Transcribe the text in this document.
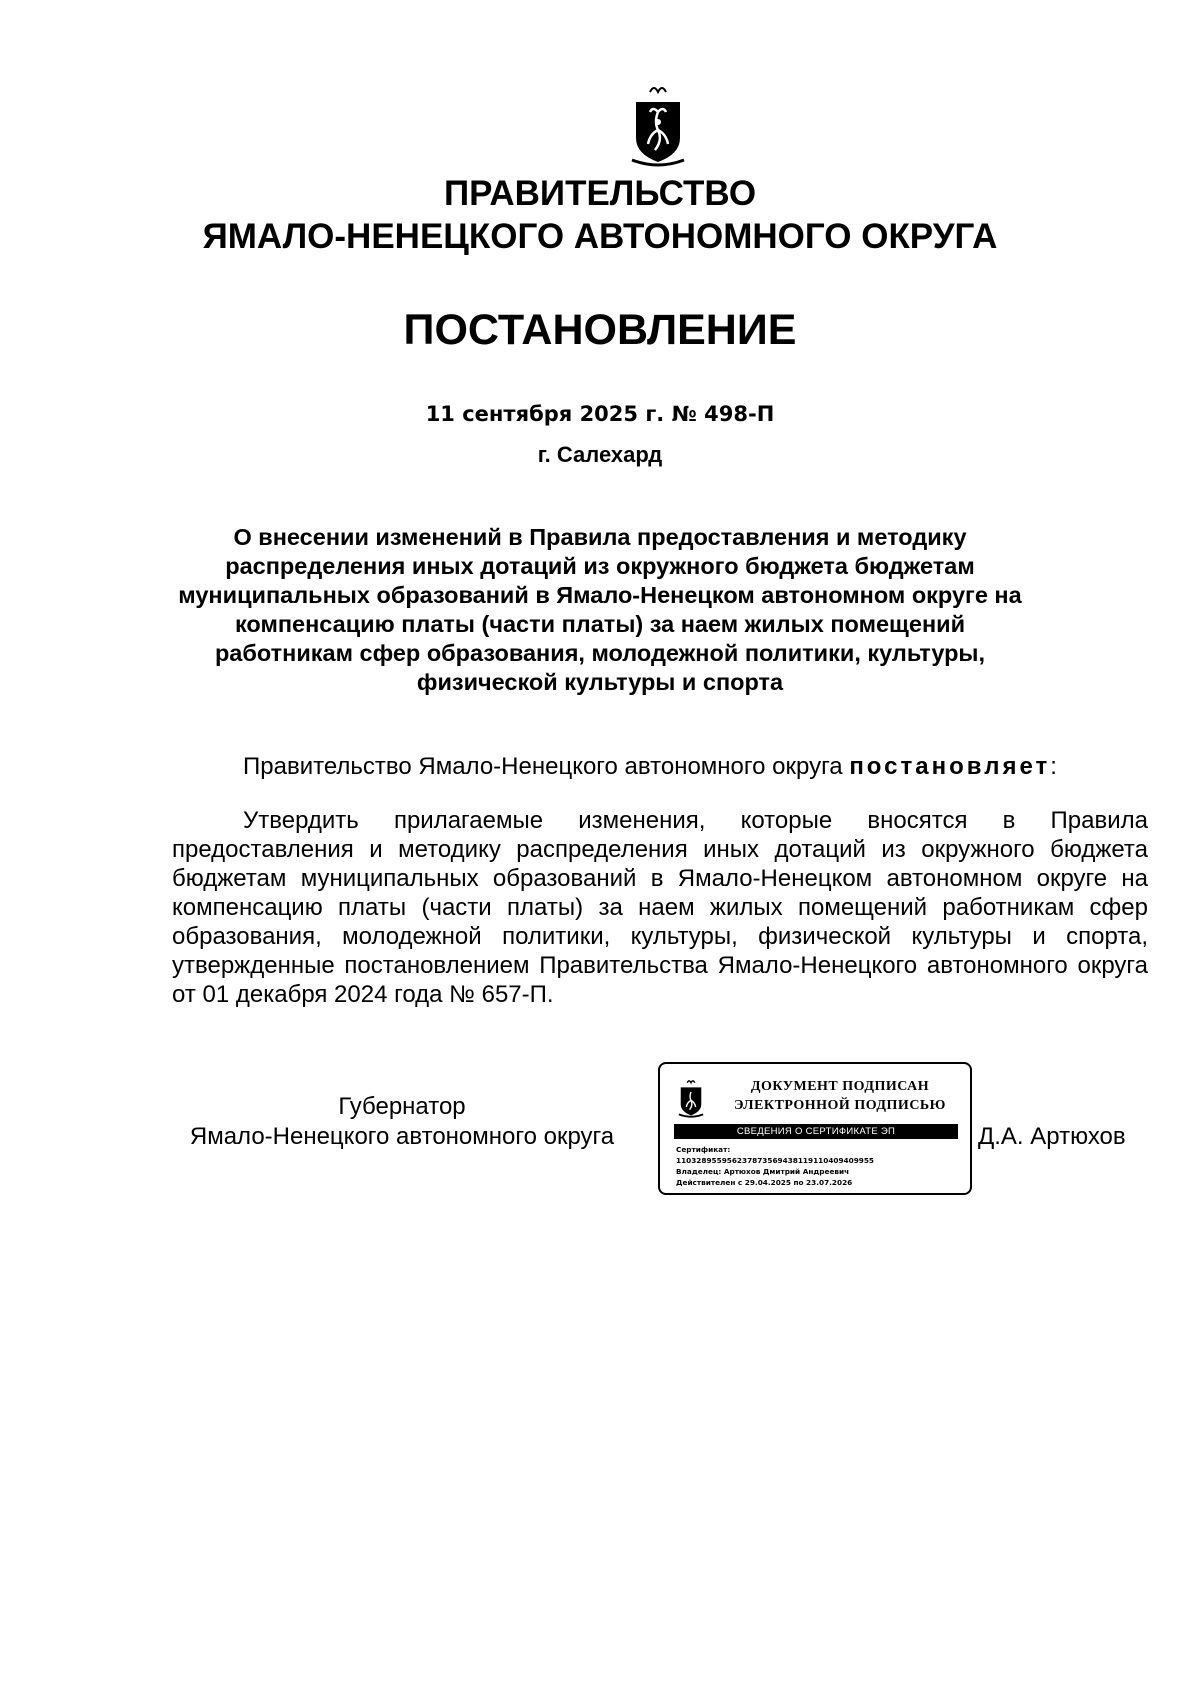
ПРАВИТЕЛЬСТВО
ЯМАЛО-НЕНЕЦКОГО АВТОНОМНОГО ОКРУГА
ПОСТАНОВЛЕНИЕ
11 сентября 2025 г. № 498-П
г. Салехард
О внесении изменений в Правила предоставления и методику
распределения иных дотаций из окружного бюджета бюджетам
муниципальных образований в Ямало-Ненецком автономном округе на
компенсацию платы (части платы) за наем жилых помещений
работникам сфер образования, молодежной политики, культуры,
физической культуры и спорта
Правительство Ямало-Ненецкого автономного округа постановляет:
Утвердить прилагаемые изменения, которые вносятся в Правила предоставления и методику распределения иных дотаций из окружного бюджета бюджетам муниципальных образований в Ямало-Ненецком автономном округе на компенсацию платы (части платы) за наем жилых помещений работникам сфер образования, молодежной политики, культуры, физической культуры и спорта, утвержденные постановлением Правительства Ямало-Ненецкого автономного округа от 01 декабря 2024 года № 657-П.
Губернатор
Ямало-Ненецкого автономного округа
ДОКУМЕНТ ПОДПИСАН
ЭЛЕКТРОННОЙ ПОДПИСЬЮ
СВЕДЕНИЯ О СЕРТИФИКАТЕ ЭП
Сертификат:
110328955956237873569438119110409409955
Владелец: Артюхов Дмитрий Андреевич
Действителен с 29.04.2025 по 23.07.2026
Д.А. Артюхов
